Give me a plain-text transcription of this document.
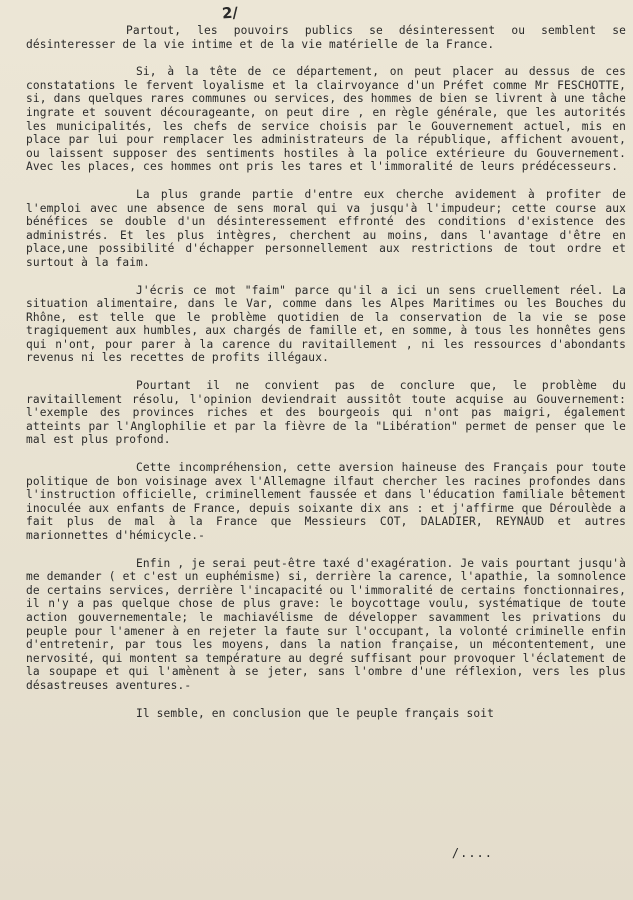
2/

Partout, les pouvoirs publics se désinteressent ou semblent se désinteresser de la vie intime et de la vie matérielle de la France.

Si, à la tête de ce département, on peut placer au dessus de ces constatations le fervent loyalisme et la clairvoyance d'un Préfet comme Mr FESCHOTTE, si, dans quelques rares communes ou services, des hommes de bien se livrent à une tâche ingrate et souvent décourageante, on peut dire , en règle générale, que les autorités les municipalités, les chefs de service choisis par le Gouvernement actuel, mis en place par lui pour remplacer les administrateurs de la république, affichent avouent, ou laissent supposer des sentiments hostiles à la police extérieure du Gouvernement. Avec les places, ces hommes ont pris les tares et l'immoralité de leurs prédécesseurs.

La plus grande partie d'entre eux cherche avidement à profiter de l'emploi avec une absence de sens moral qui va jusqu'à l'impudeur; cette course aux bénéfices se double d'un désinteressement effronté des conditions d'existence des administrés. Et les plus intègres, cherchent au moins, dans l'avantage d'être en place,une possibilité d'échapper personnellement aux restrictions de tout ordre et surtout à la faim.

J'écris ce mot "faim" parce qu'il a ici un sens cruellement réel. La situation alimentaire, dans le Var, comme dans les Alpes Maritimes ou les Bouches du Rhône, est telle que le problème quotidien de la conservation de la vie se pose tragiquement aux humbles, aux chargés de famille et, en somme, à tous les honnêtes gens qui n'ont, pour parer à la carence du ravitaillement , ni les ressources d'abondants revenus ni les recettes de profits illégaux.

Pourtant il ne convient pas de conclure que, le problème du ravitaillement résolu, l'opinion deviendrait aussitôt toute acquise au Gouvernement: l'exemple des provinces riches et des bourgeois qui n'ont pas maigri, également atteints par l'Anglophilie et par la fièvre de la "Libération" permet de penser que le mal est plus profond.

Cette incompréhension, cette aversion haineuse des Français pour toute politique de bon voisinage avex l'Allemagne ilfaut chercher les racines profondes dans l'instruction officielle, criminellement faussée et dans l'éducation familiale bêtement inoculée aux enfants de France, depuis soixante dix ans : et j'affirme que Déroulède a fait plus de mal à la France que Messieurs COT, DALADIER, REYNAUD et autres marionnettes d'hémicycle.-

Enfin , je serai peut-être taxé d'exagération. Je vais pourtant jusqu'à me demander ( et c'est un euphémisme) si, derrière la carence, l'apathie, la somnolence de certains services, derrière l'incapacité ou l'immoralité de certains fonctionnaires, il n'y a pas quelque chose de plus grave: le boycottage voulu, systématique de toute action gouvernementale; le machiavélisme de développer savamment les privations du peuple pour l'amener à en rejeter la faute sur l'occupant, la volonté criminelle enfin d'entretenir, par tous les moyens, dans la nation française, un mécontentement, une nervosité, qui montent sa température au degré suffisant pour provoquer l'éclatement de la soupape et qui l'amènent à se jeter, sans l'ombre d'une réflexion, vers les plus désastreuses aventures.-

Il semble, en conclusion que le peuple français soit

/....
